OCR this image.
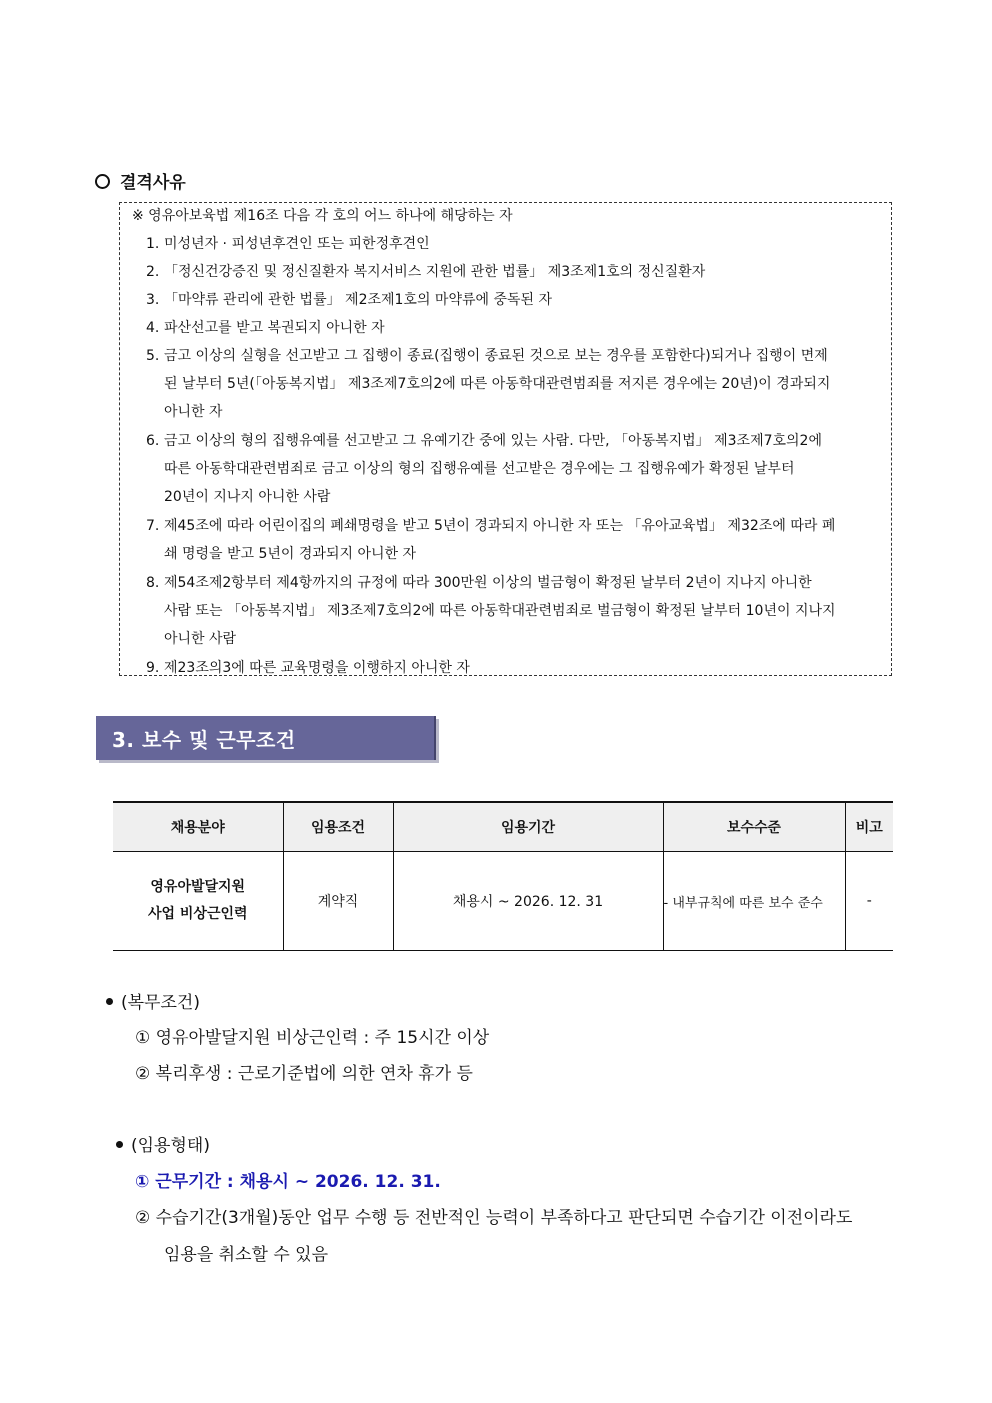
결격사유
※ 영유아보육법 제16조 다음 각 호의 어느 하나에 해당하는 자
1. 미성년자 · 피성년후견인 또는 피한정후견인
2. 「정신건강증진 및 정신질환자 복지서비스 지원에 관한 법률」 제3조제1호의 정신질환자
3. 「마약류 관리에 관한 법률」 제2조제1호의 마약류에 중독된 자
4. 파산선고를 받고 복권되지 아니한 자
5. 금고 이상의 실형을 선고받고 그 집행이 종료(집행이 종료된 것으로 보는 경우를 포함한다)되거나 집행이 면제
된 날부터 5년(「아동복지법」 제3조제7호의2에 따른 아동학대관련범죄를 저지른 경우에는 20년)이 경과되지
아니한 자
6. 금고 이상의 형의 집행유예를 선고받고 그 유예기간 중에 있는 사람. 다만, 「아동복지법」 제3조제7호의2에
따른 아동학대관련범죄로 금고 이상의 형의 집행유예를 선고받은 경우에는 그 집행유예가 확정된 날부터
20년이 지나지 아니한 사람
7. 제45조에 따라 어린이집의 폐쇄명령을 받고 5년이 경과되지 아니한 자 또는 「유아교육법」 제32조에 따라 폐
쇄 명령을 받고 5년이 경과되지 아니한 자
8. 제54조제2항부터 제4항까지의 규정에 따라 300만원 이상의 벌금형이 확정된 날부터 2년이 지나지 아니한
사람 또는 「아동복지법」 제3조제7호의2에 따른 아동학대관련범죄로 벌금형이 확정된 날부터 10년이 지나지
아니한 사람
9. 제23조의3에 따른 교육명령을 이행하지 아니한 자
3. 보수 및 근무조건
채용분야	임용조건	임용기간	보수수준	비고

영유아발달지원
사업 비상근인력	계약직	채용시 ~ 2026. 12. 31	- 내부규칙에 따른 보수 준수	-
(복무조건)
① 영유아발달지원 비상근인력 : 주 15시간 이상
② 복리후생 : 근로기준법에 의한 연차 휴가 등
(임용형태)
① 근무기간 : 채용시 ~ 2026. 12. 31.
② 수습기간(3개월)동안 업무 수행 등 전반적인 능력이 부족하다고 판단되면 수습기간 이전이라도
임용을 취소할 수 있음
